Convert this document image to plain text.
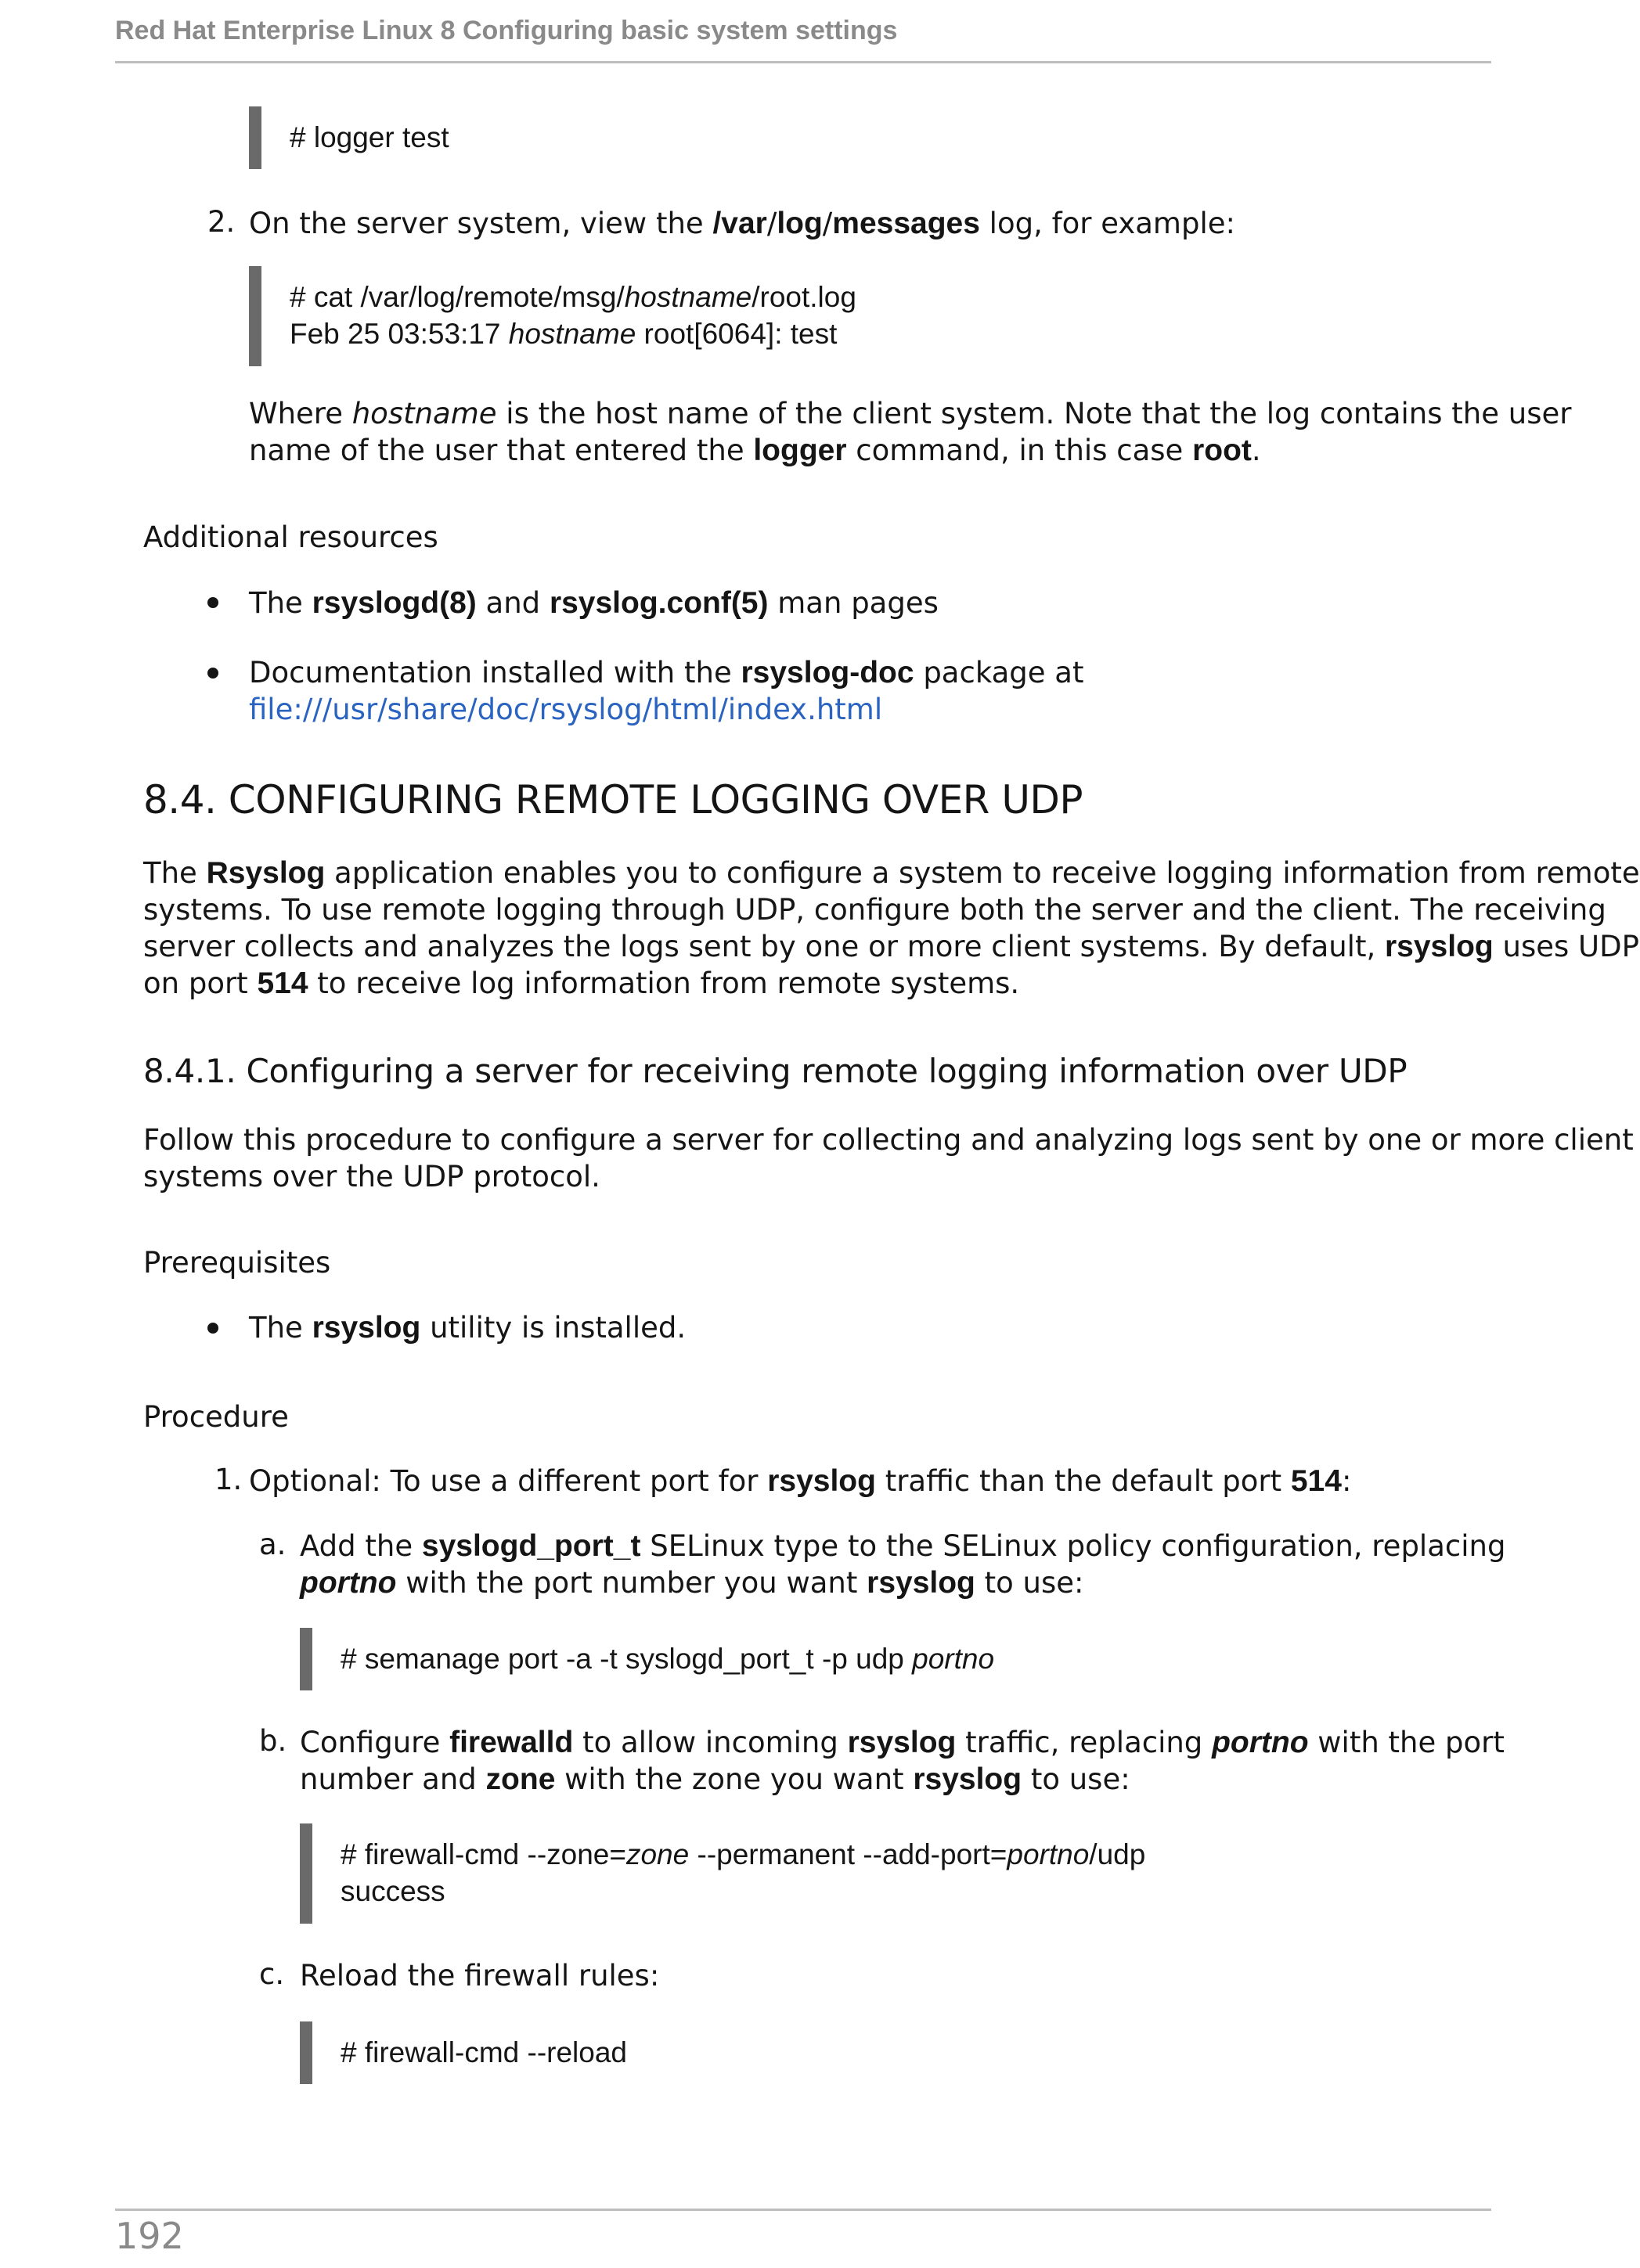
Red Hat Enterprise Linux 8 Configuring basic system settings
# logger test
2. On the server system, view the /var/log/messages log, for example:
# cat /var/log/remote/msg/hostname/root.log
Feb 25 03:53:17 hostname root[6064]: test
Where hostname is the host name of the client system. Note that the log contains the user
name of the user that entered the logger command, in this case root.
Additional resources
The rsyslogd(8) and rsyslog.conf(5) man pages
Documentation installed with the rsyslog-doc package at
file:///usr/share/doc/rsyslog/html/index.html
8.4. CONFIGURING REMOTE LOGGING OVER UDP
The Rsyslog application enables you to configure a system to receive logging information from remote
systems. To use remote logging through UDP, configure both the server and the client. The receiving
server collects and analyzes the logs sent by one or more client systems. By default, rsyslog uses UDP
on port 514 to receive log information from remote systems.
8.4.1. Configuring a server for receiving remote logging information over UDP
Follow this procedure to configure a server for collecting and analyzing logs sent by one or more client
systems over the UDP protocol.
Prerequisites
The rsyslog utility is installed.
Procedure
1. Optional: To use a different port for rsyslog traffic than the default port 514:
a. Add the syslogd_port_t SELinux type to the SELinux policy configuration, replacing
portno with the port number you want rsyslog to use:
# semanage port -a -t syslogd_port_t -p udp portno
b. Configure firewalld to allow incoming rsyslog traffic, replacing portno with the port
number and zone with the zone you want rsyslog to use:
# firewall-cmd --zone=zone --permanent --add-port=portno/udp
success
c. Reload the firewall rules:
# firewall-cmd --reload
192
